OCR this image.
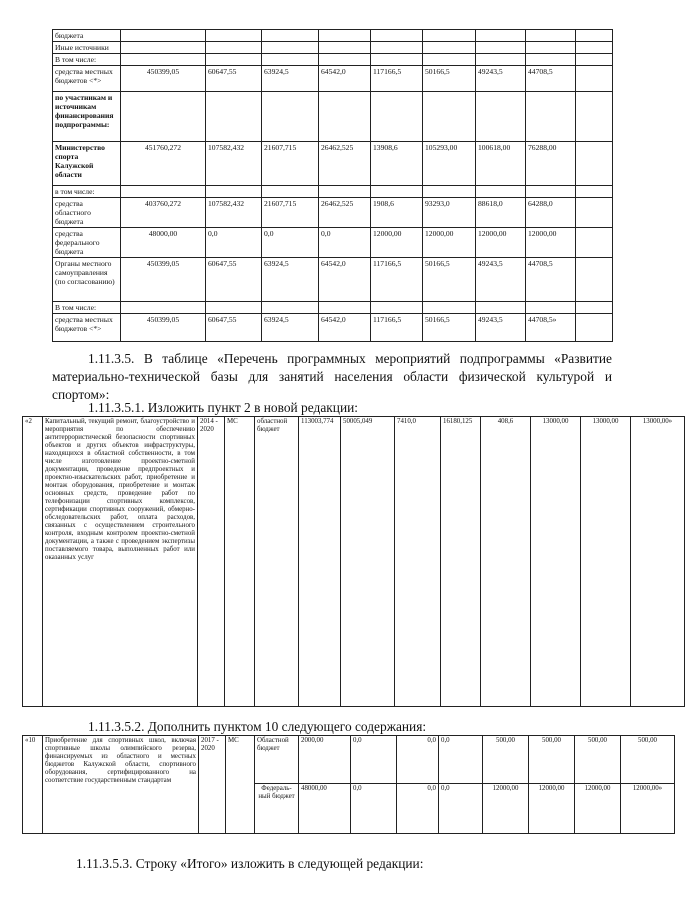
бюджета									
Иные источники									
В том числе:									
средства местных бюджетов <*>	450399,05	60647,55	63924,5	64542,0	117166,5	50166,5	49243,5	44708,5	
по участникам и источникам финансирования подпрограммы:									
Министерство спорта Калужской области	451760,272	107582,432	21607,715	26462,525	13908,6	105293,00	100618,00	76288,00	
в том числе:									
средства областного бюджета	403760,272	107582,432	21607,715	26462,525	1908,6	93293,0	88618,0	64288,0	
средства федерального бюджета	48000,00	0,0	0,0	0,0	12000,00	12000,00	12000,00	12000,00	
Органы местного самоуправления (по согласованию)	450399,05	60647,55	63924,5	64542,0	117166,5	50166,5	49243,5	44708,5	
В том числе:									
средства местных бюджетов <*>	450399,05	60647,55	63924,5	64542,0	117166,5	50166,5	49243,5	44708,5»	

1.11.3.5. В таблице «Перечень программных мероприятий подпрограммы «Развитие материально-технической базы для занятий населения области физической культурой и спортом»:

1.11.3.5.1. Изложить пункт 2 в новой редакции:

«2	Капитальный, текущий ремонт, благоустройство и мероприятия по обеспечению антитеррористической безопасности спортивных объектов и других объектов инфраструктуры, находящихся в областной собственности, в том числе изготовление проектно-сметной документации, проведение предпроектных и проектно-изыскательских работ, приобретение и монтаж оборудования, приобретение и монтаж основных средств, проведение работ по телефонизации спортивных комплексов, сертификации спортивных сооружений, обмерно-обследовательских работ, оплата расходов, связанных с осуществлением строительного контроля, входным контролем проектно-сметной документации, а также с проведением экспертизы поставляемого товара, выполненных работ или оказанных услуг	2014 - 2020	МС	областной бюджет	113003,774	50005,049	7410,0	16180,125	408,6	13000,00	13000,00	13000,00»

1.11.3.5.2. Дополнить пунктом 10 следующего содержания:

«10	Приобретение для спортивных школ, включая спортивные школы олимпийского резерва, финансируемых из областного и местных бюджетов Калужской области, спортивного оборудования, сертифицированного на соответствие государственным стандартам	2017 - 2020	МС	Областной бюджет	2000,00	0,0	0,0	0,0	500,00	500,00	500,00	500,00
				Федераль-ный бюджет	48000,00	0,0	0,0	0,0	12000,00	12000,00	12000,00	12000,00»

1.11.3.5.3. Строку «Итого» изложить в следующей редакции:
